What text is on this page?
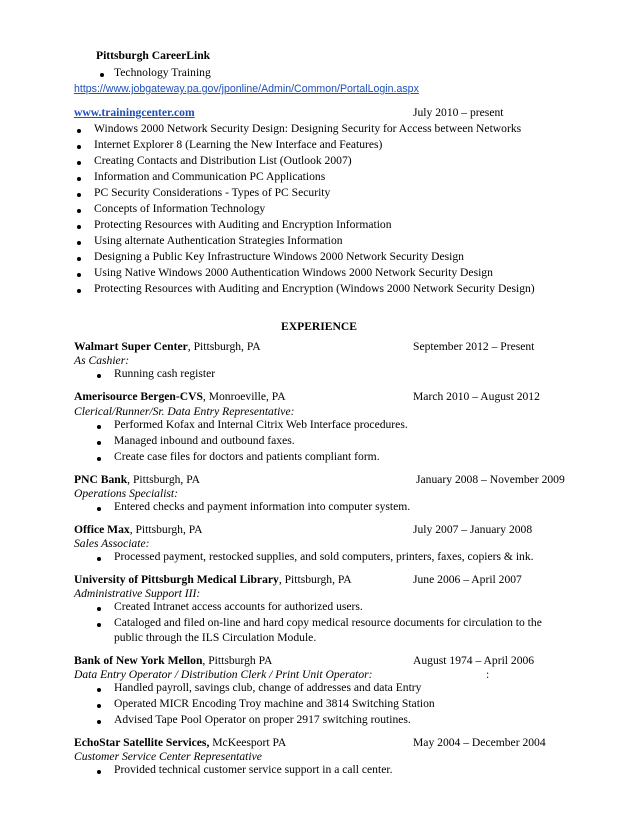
Pittsburgh CareerLink
Technology Training
https://www.jobgateway.pa.gov/jponline/Admin/Common/PortalLogin.aspx
www.trainingcenter.com	July 2010 – present
Windows 2000 Network Security Design: Designing Security for Access between Networks
Internet Explorer 8 (Learning the New Interface and Features)
Creating Contacts and Distribution List (Outlook 2007)
Information and Communication PC Applications
PC Security Considerations - Types of PC Security
Concepts of Information Technology
Protecting Resources with Auditing and Encryption Information
Using alternate Authentication Strategies Information
Designing a Public Key Infrastructure Windows 2000 Network Security Design
Using Native Windows 2000 Authentication Windows 2000 Network Security Design
Protecting Resources with Auditing and Encryption (Windows 2000 Network Security Design)
EXPERIENCE
Walmart Super Center, Pittsburgh, PA	September 2012 – Present
As Cashier:
Running cash register
Amerisource Bergen-CVS, Monroeville, PA	March 2010 – August 2012
Clerical/Runner/Sr. Data Entry Representative:
Performed Kofax and Internal Citrix Web Interface procedures.
Managed inbound and outbound faxes.
Create case files for doctors and patients compliant form.
PNC Bank, Pittsburgh, PA	January 2008 – November 2009
Operations Specialist:
Entered checks and payment information into computer system.
Office Max, Pittsburgh, PA	July 2007 – January 2008
Sales Associate:
Processed payment, restocked supplies, and sold computers, printers, faxes, copiers & ink.
University of Pittsburgh Medical Library, Pittsburgh, PA	June 2006 – April 2007
Administrative Support III:
Created Intranet access accounts for authorized users.
Cataloged and filed on-line and hard copy medical resource documents for circulation to the
public through the ILS Circulation Module.
Bank of New York Mellon, Pittsburgh PA	August 1974 – April 2006
Data Entry Operator / Distribution Clerk / Print Unit Operator:	:
Handled payroll, savings club, change of addresses and data Entry
Operated MICR Encoding Troy machine and 3814 Switching Station
Advised Tape Pool Operator on proper 2917 switching routines.
EchoStar Satellite Services, McKeesport PA	May 2004 – December 2004
Customer Service Center Representative
Provided technical customer service support in a call center.
